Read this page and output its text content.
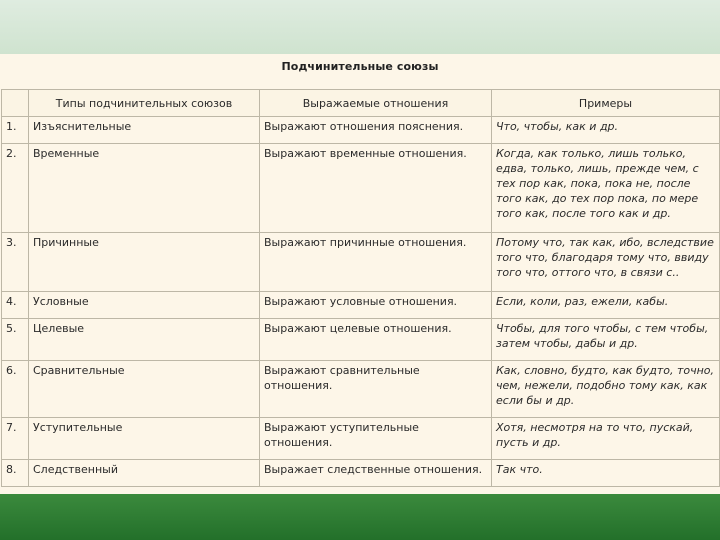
Подчинительные союзы
	Типы подчинительных союзов	Выражаемые отношения	Примеры
1.	Изъяснительные	Выражают отношения пояснения.	Что, чтобы, как и др.
2.	Временные	Выражают временные отношения.	Когда, как только, лишь только, едва, только, лишь, прежде чем, с тех пор как, пока, пока не, после того как, до тех пор пока, по мере того как, после того как и др.
3.	Причинные	Выражают причинные отношения.	Потому что, так как, ибо, вследствие того что, благодаря тому что, ввиду того что, оттого что, в связи с..
4.	Условные	Выражают условные отношения.	Если, коли, раз, ежели, кабы.
5.	Целевые	Выражают целевые отношения.	Чтобы, для того чтобы, с тем чтобы, затем чтобы, дабы и др.
6.	Сравнительные	Выражают сравнительные отношения.	Как, словно, будто, как будто, точно, чем, нежели, подобно тому как, как если бы и др.
7.	Уступительные	Выражают уступительные отношения.	Хотя, несмотря на то что, пускай, пусть и др.
8.	Следственный	Выражает следственные отношения.	Так что.
